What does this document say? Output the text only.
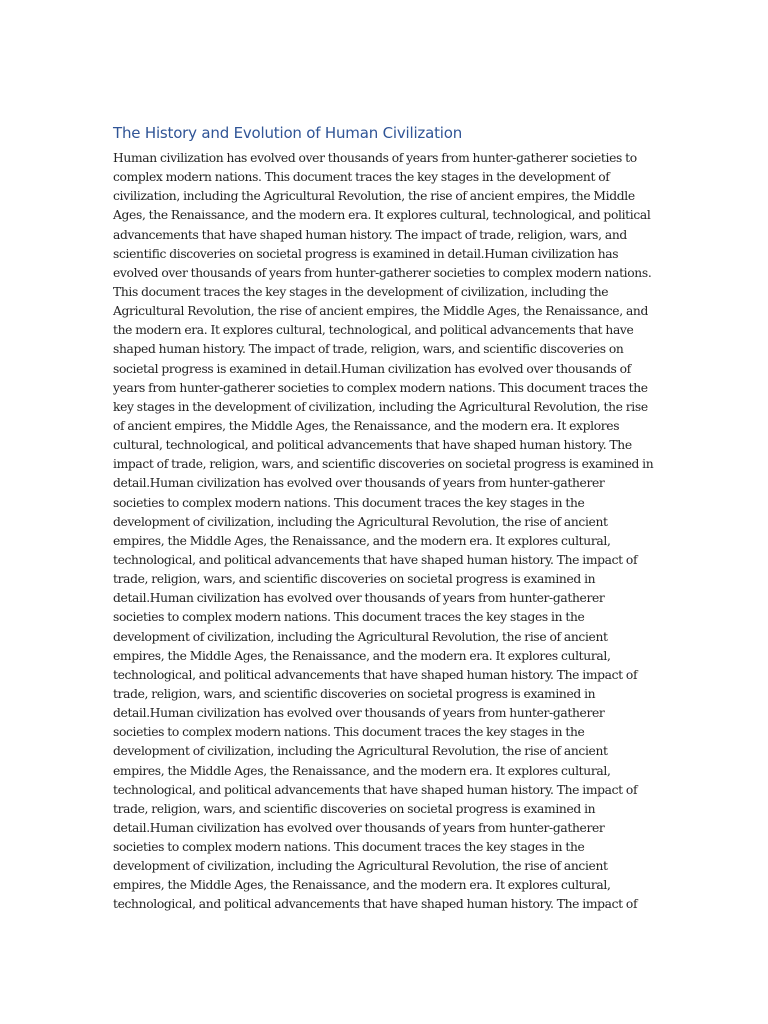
The History and Evolution of Human Civilization
Human civilization has evolved over thousands of years from hunter-gatherer societies to
complex modern nations. This document traces the key stages in the development of
civilization, including the Agricultural Revolution, the rise of ancient empires, the Middle
Ages, the Renaissance, and the modern era. It explores cultural, technological, and political
advancements that have shaped human history. The impact of trade, religion, wars, and
scientific discoveries on societal progress is examined in detail.Human civilization has
evolved over thousands of years from hunter-gatherer societies to complex modern nations.
This document traces the key stages in the development of civilization, including the
Agricultural Revolution, the rise of ancient empires, the Middle Ages, the Renaissance, and
the modern era. It explores cultural, technological, and political advancements that have
shaped human history. The impact of trade, religion, wars, and scientific discoveries on
societal progress is examined in detail.Human civilization has evolved over thousands of
years from hunter-gatherer societies to complex modern nations. This document traces the
key stages in the development of civilization, including the Agricultural Revolution, the rise
of ancient empires, the Middle Ages, the Renaissance, and the modern era. It explores
cultural, technological, and political advancements that have shaped human history. The
impact of trade, religion, wars, and scientific discoveries on societal progress is examined in
detail.Human civilization has evolved over thousands of years from hunter-gatherer
societies to complex modern nations. This document traces the key stages in the
development of civilization, including the Agricultural Revolution, the rise of ancient
empires, the Middle Ages, the Renaissance, and the modern era. It explores cultural,
technological, and political advancements that have shaped human history. The impact of
trade, religion, wars, and scientific discoveries on societal progress is examined in
detail.Human civilization has evolved over thousands of years from hunter-gatherer
societies to complex modern nations. This document traces the key stages in the
development of civilization, including the Agricultural Revolution, the rise of ancient
empires, the Middle Ages, the Renaissance, and the modern era. It explores cultural,
technological, and political advancements that have shaped human history. The impact of
trade, religion, wars, and scientific discoveries on societal progress is examined in
detail.Human civilization has evolved over thousands of years from hunter-gatherer
societies to complex modern nations. This document traces the key stages in the
development of civilization, including the Agricultural Revolution, the rise of ancient
empires, the Middle Ages, the Renaissance, and the modern era. It explores cultural,
technological, and political advancements that have shaped human history. The impact of
trade, religion, wars, and scientific discoveries on societal progress is examined in
detail.Human civilization has evolved over thousands of years from hunter-gatherer
societies to complex modern nations. This document traces the key stages in the
development of civilization, including the Agricultural Revolution, the rise of ancient
empires, the Middle Ages, the Renaissance, and the modern era. It explores cultural,
technological, and political advancements that have shaped human history. The impact of
